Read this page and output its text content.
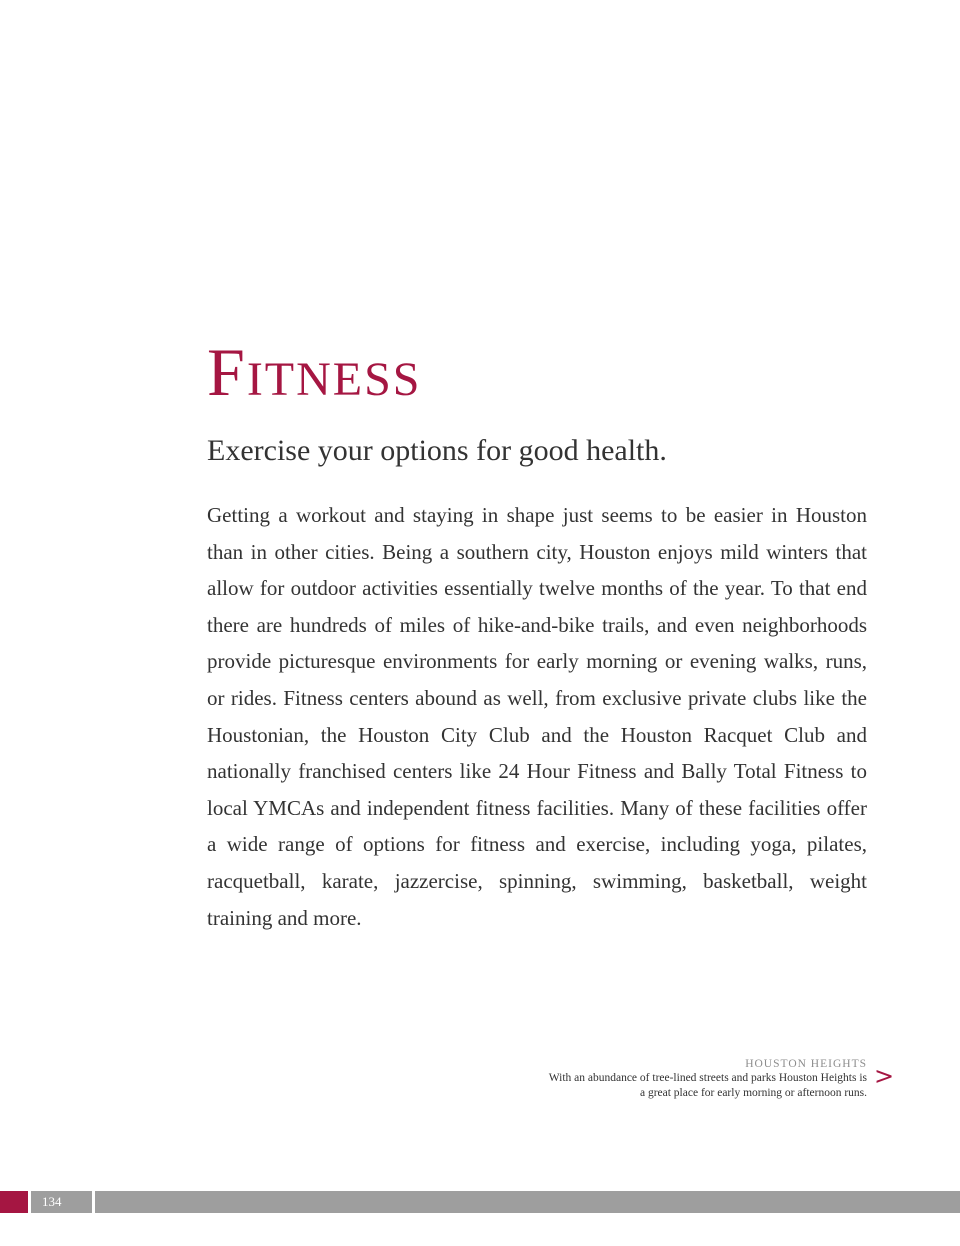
Fitness
Exercise your options for good health.

Getting a workout and staying in shape just seems to be easier in Houston than in other cities. Being a southern city, Houston enjoys mild winters that allow for outdoor activities essentially twelve months of the year. To that end there are hundreds of miles of hike-and-bike trails, and even neighborhoods provide picturesque environments for early morning or evening walks, runs, or rides. Fitness centers abound as well, from exclusive private clubs like the Houstonian, the Houston City Club and the Houston Racquet Club and nationally franchised centers like 24 Hour Fitness and Bally Total Fitness to local YMCAs and independent fitness facilities. Many of these facilities offer a wide range of options for fitness and exercise, including yoga, pilates, racquetball, karate, jazzercise, spinning, swimming, basketball, weight training and more.

HOUSTON HEIGHTS
With an abundance of tree-lined streets and parks Houston Heights is a great place for early morning or afternoon runs.
>
134
